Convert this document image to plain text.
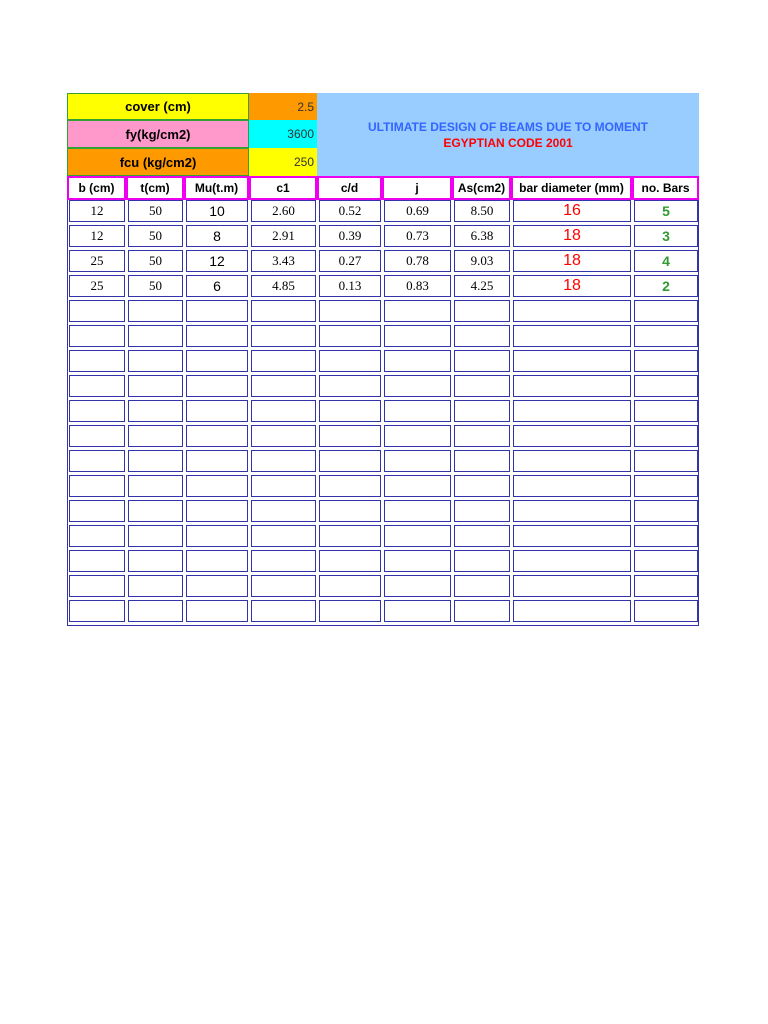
cover (cm)	2.5
fy(kg/cm2)	3600
fcu (kg/cm2)	250
ULTIMATE DESIGN OF BEAMS DUE TO MOMENT
EGYPTIAN CODE 2001
b (cm)	t(cm)	Mu(t.m)	c1	c/d	j	As(cm2)	bar diameter (mm)	no. Bars
12	50	10	2.60	0.52	0.69	8.50	16	5
12	50	8	2.91	0.39	0.73	6.38	18	3
25	50	12	3.43	0.27	0.78	9.03	18	4
25	50	6	4.85	0.13	0.83	4.25	18	2
